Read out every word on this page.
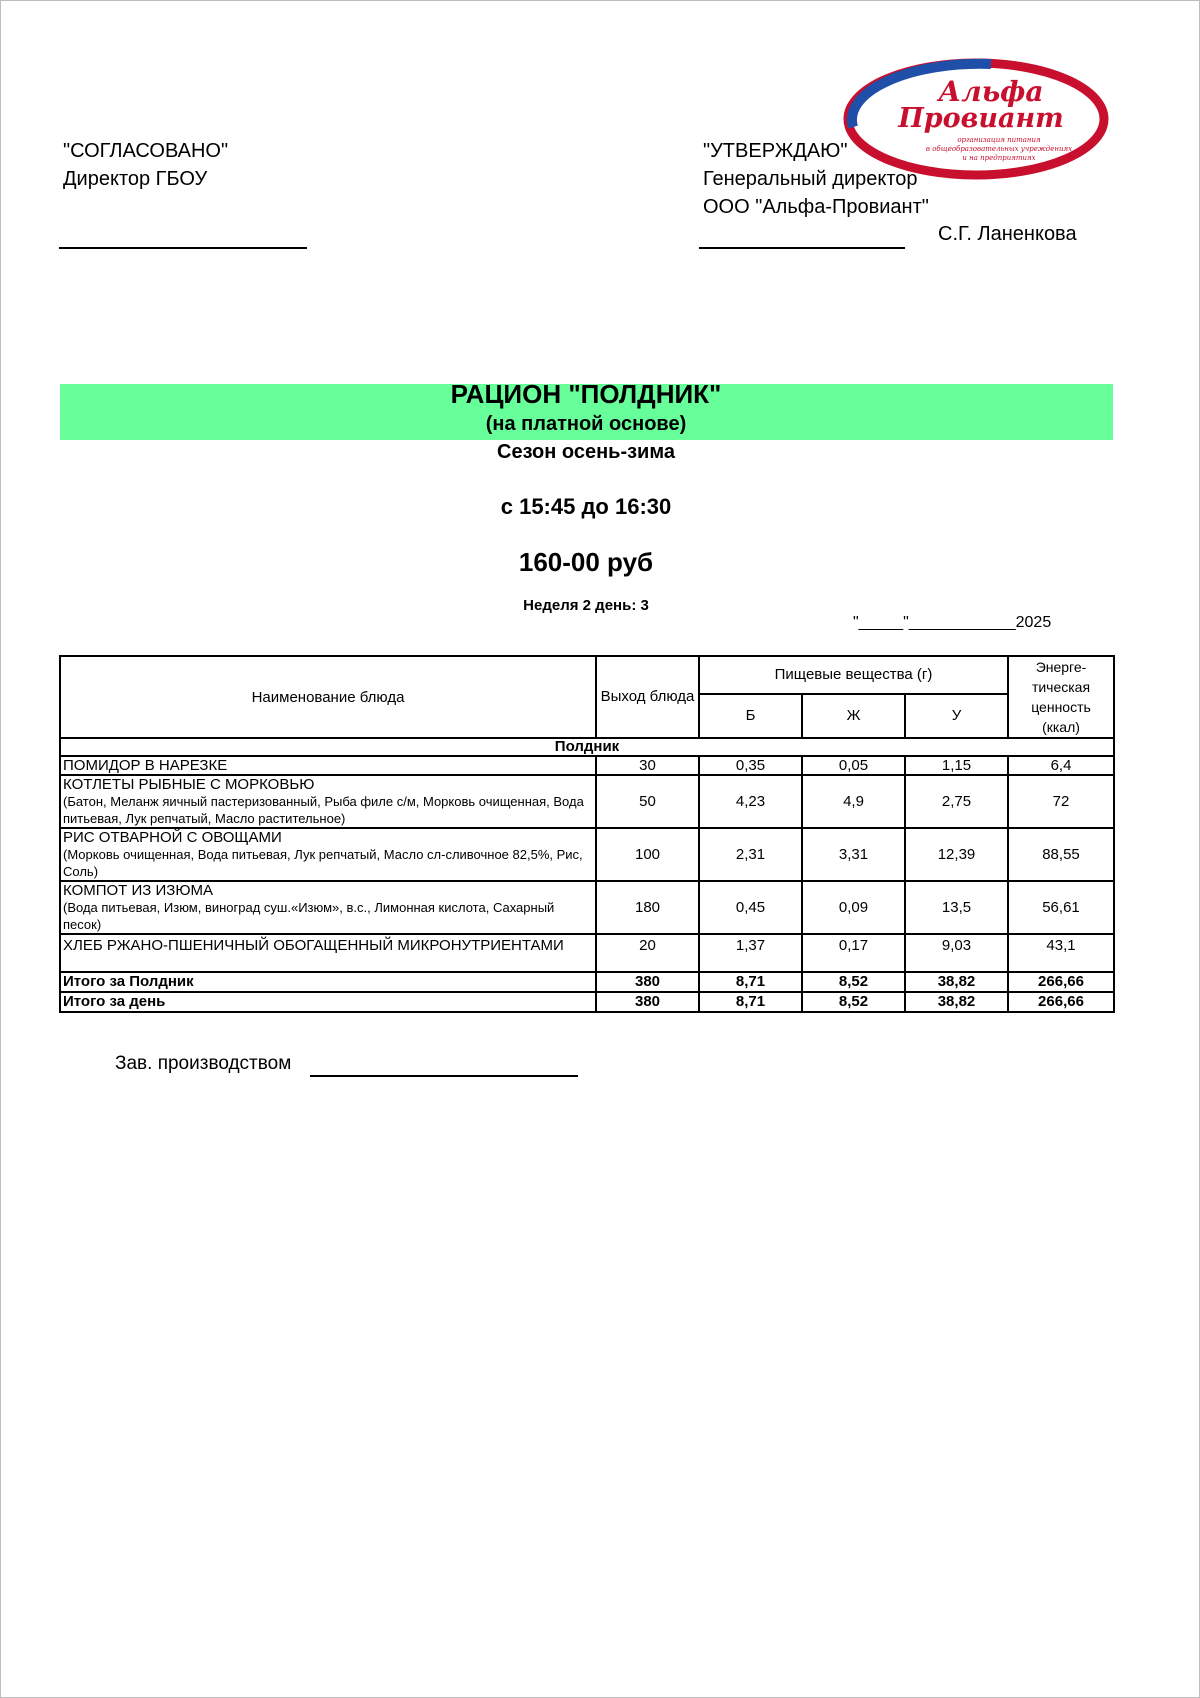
Альфа
Провиант
организация питания
в общеобразовательных учреждениях
и на предприятиях
"СОГЛАСОВАНО"
Директор ГБОУ
"УТВЕРЖДАЮ"
Генеральный директор
ООО "Альфа-Провиант"
С.Г. Ланенкова
РАЦИОН "ПОЛДНИК"
(на платной основе)
Сезон осень-зима
с 15:45 до 16:30
160-00 руб
Неделя 2 день: 3
"_____"____________2025
Наименование блюда	Выход блюда	Пищевые вещества (г)			Энерге-тическая ценность (ккал)
		Б	Ж	У	
Полдник					

ПОМИДОР В НАРЕЗКЕ	30	0,35	0,05	1,15	6,4

КОТЛЕТЫ РЫБНЫЕ С МОРКОВЬЮ
(Батон, Меланж яичный пастеризованный, Рыба филе с/м, Морковь очищенная, Вода питьевая, Лук репчатый, Масло растительное)	50	4,23	4,9	2,75	72

РИС ОТВАРНОЙ С ОВОЩАМИ
(Морковь очищенная, Вода питьевая, Лук репчатый, Масло сл-сливочное 82,5%, Рис, Соль)	100	2,31	3,31	12,39	88,55

КОМПОТ ИЗ ИЗЮМА
(Вода питьевая, Изюм, виноград суш.«Изюм», в.с., Лимонная кислота, Сахарный песок)	180	0,45	0,09	13,5	56,61

ХЛЕБ РЖАНО-ПШЕНИЧНЫЙ ОБОГАЩЕННЫЙ МИКРОНУТРИЕНТАМИ	20	1,37	0,17	9,03	43,1
Итого за Полдник	380	8,71	8,52	38,82	266,66
Итого за день	380	8,71	8,52	38,82	266,66
Зав. производством
